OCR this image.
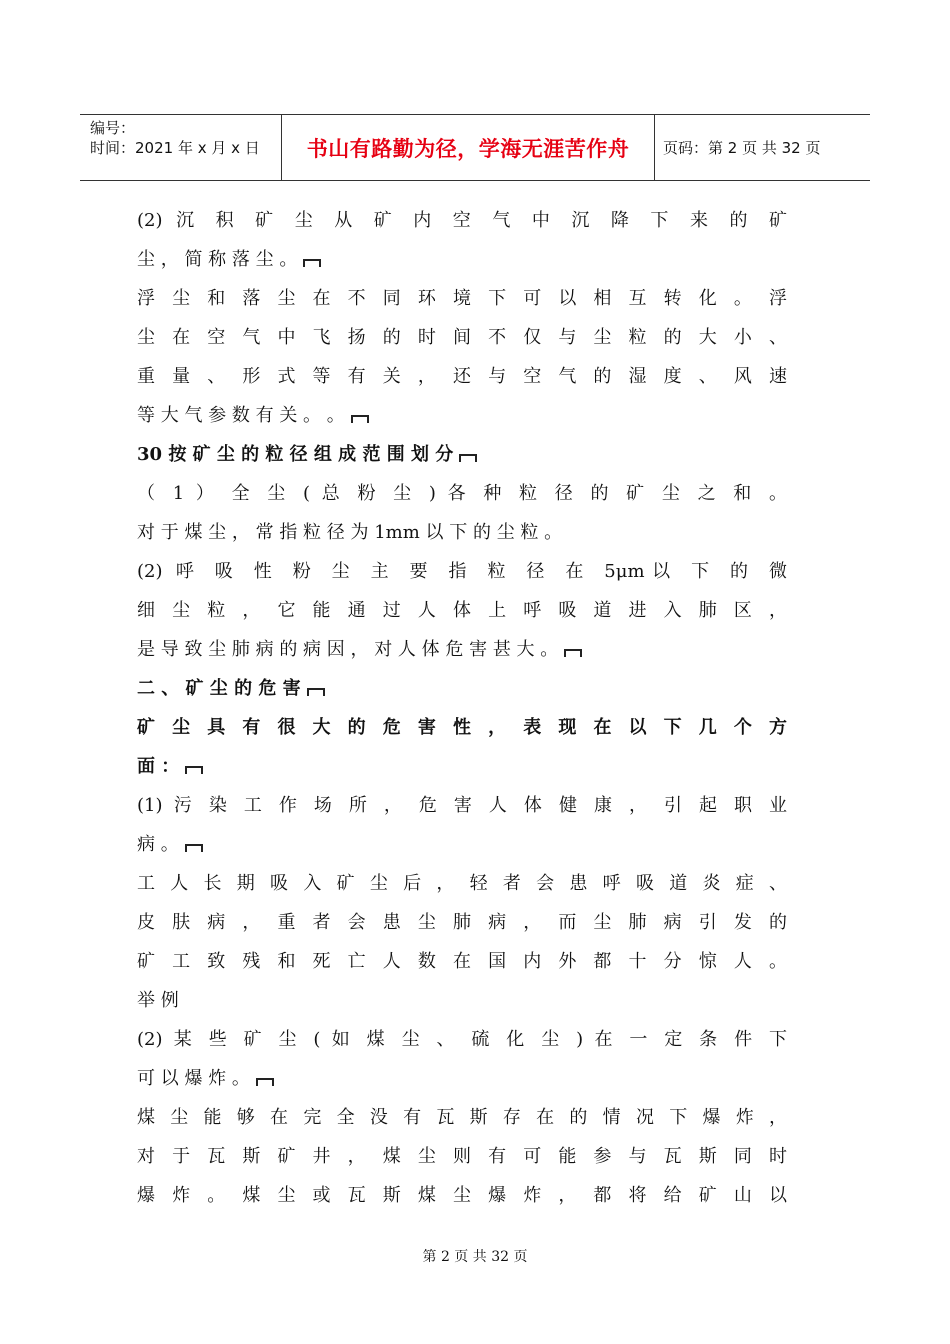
编号：
时间：2021 年 x 月 x 日	书山有路勤为径，学海无涯苦作舟	页码：第 2 页 共 32 页
(2) 沉 积 矿 尘 从 矿 内 空 气 中 沉 降 下 来 的 矿
尘 ， 简 称 落 尘 。
浮 尘 和 落 尘 在 不 同 环 境 下 可 以 相 互 转 化 。 浮
尘 在 空 气 中 飞 扬 的 时 间 不 仅 与 尘 粒 的 大 小 、
重 量 、 形 式 等 有 关 ， 还 与 空 气 的 湿 度 、 风 速
等 大 气 参 数 有 关 。 。
30 按 矿 尘 的 粒 径 组 成 范 围 划 分
（ 1 ） 全 尘 ( 总 粉 尘 ) 各 种 粒 径 的 矿 尘 之 和 。
对 于 煤 尘 ， 常 指 粒 径 为 1mm 以 下 的 尘 粒 。
(2) 呼 吸 性 粉 尘 主 要 指 粒 径 在 5μm以 下 的 微
细 尘 粒 ， 它 能 通 过 人 体 上 呼 吸 道 进 入 肺 区 ，
是 导 致 尘 肺 病 的 病 因 ， 对 人 体 危 害 甚 大 。
二 、 矿 尘 的 危 害
矿 尘 具 有 很 大 的 危 害 性 ， 表 现 在 以 下 几 个 方
面 ：
(1) 污 染 工 作 场 所 ， 危 害 人 体 健 康 ， 引 起 职 业
病 。
工 人 长 期 吸 入 矿 尘 后 ， 轻 者 会 患 呼 吸 道 炎 症 、
皮 肤 病 ， 重 者 会 患 尘 肺 病 ， 而 尘 肺 病 引 发 的
矿 工 致 残 和 死 亡 人 数 在 国 内 外 都 十 分 惊 人 。
举 例
(2) 某 些 矿 尘 ( 如 煤 尘 、 硫 化 尘 ) 在 一 定 条 件 下
可 以 爆 炸 。
煤 尘 能 够 在 完 全 没 有 瓦 斯 存 在 的 情 况 下 爆 炸 ，
对 于 瓦 斯 矿 井 ， 煤 尘 则 有 可 能 参 与 瓦 斯 同 时
爆 炸 。 煤 尘 或 瓦 斯 煤 尘 爆 炸 ， 都 将 给 矿 山 以
第 2 页 共 32 页
